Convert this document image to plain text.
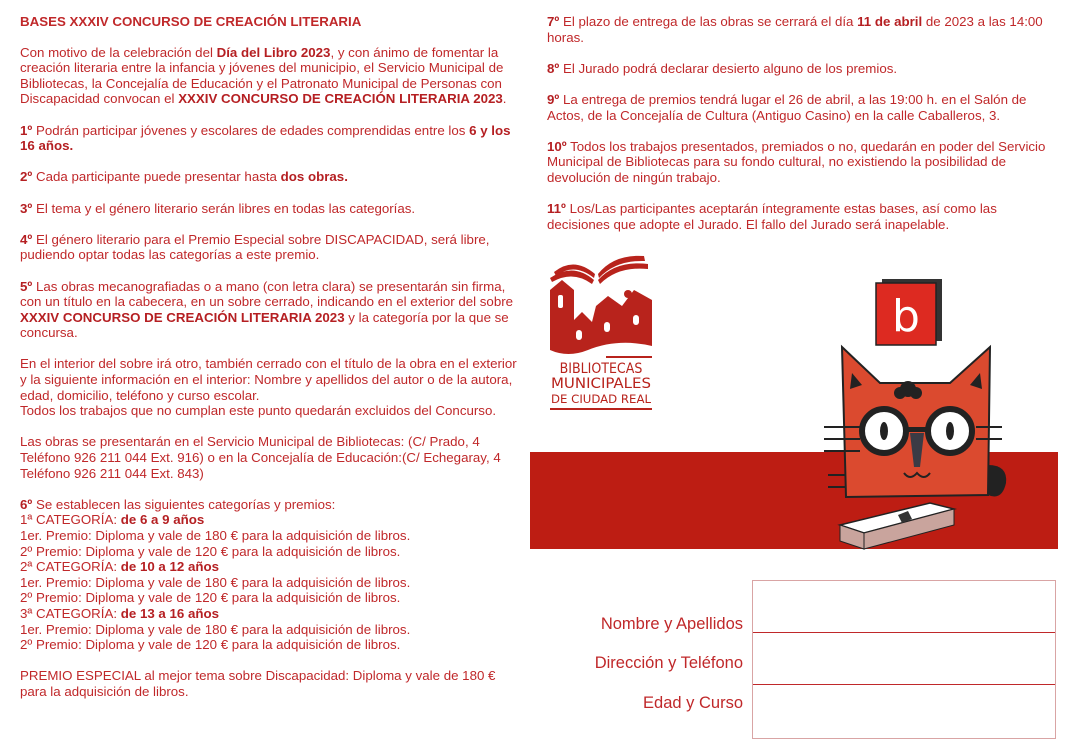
BASES XXXIV CONCURSO DE CREACIÓN LITERARIA

Con motivo de la celebración del Día del Libro 2023, y con ánimo de fomentar la creación literaria entre la infancia y jóvenes del municipio, el Servicio Municipal de Bibliotecas, la Concejalía de Educación y el Patronato Municipal de Personas con Discapacidad convocan el XXXIV CONCURSO DE CREACIÓN LITERARIA 2023.

1º Podrán participar jóvenes y escolares de edades comprendidas entre los 6 y los 16 años.

2º Cada participante puede presentar hasta dos obras.

3º El tema y el género literario serán libres en todas las categorías.

4º El género literario para el Premio Especial sobre DISCAPACIDAD, será libre, pudiendo optar todas las categorías a este premio.

5º Las obras mecanografiadas o a mano (con letra clara) se presentarán sin firma, con un título en la cabecera, en un sobre cerrado, indicando en el exterior del sobre XXXIV CONCURSO DE CREACIÓN LITERARIA 2023 y la categoría por la que se concursa.

En el interior del sobre irá otro, también cerrado con el título de la obra en el exterior y la siguiente información en el interior: Nombre y apellidos del autor o de la autora, edad, domicilio, teléfono y curso escolar.
Todos los trabajos que no cumplan este punto quedarán excluidos del Concurso.

Las obras se presentarán en el Servicio Municipal de Bibliotecas: (C/ Prado, 4 Teléfono 926 211 044 Ext. 916) o en la Concejalía de Educación:(C/ Echegaray, 4 Teléfono 926 211 044 Ext. 843)

6º Se establecen las siguientes categorías y premios:
1ª CATEGORÍA: de 6 a 9 años
1er. Premio: Diploma y vale de 180 € para la adquisición de libros.
2º Premio: Diploma y vale de 120 € para la adquisición de libros.
2ª CATEGORÍA: de 10 a 12 años
1er. Premio: Diploma y vale de 180 € para la adquisición de libros.
2º Premio: Diploma y vale de 120 € para la adquisición de libros.
3ª CATEGORÍA: de 13 a 16 años
1er. Premio: Diploma y vale de 180 € para la adquisición de libros.
2º Premio: Diploma y vale de 120 € para la adquisición de libros.

PREMIO ESPECIAL al mejor tema sobre Discapacidad: Diploma y vale de 180 € para la adquisición de libros.

7º El plazo de entrega de las obras se cerrará el día 11 de abril de 2023 a las 14:00 horas.

8º El Jurado podrá declarar desierto alguno de los premios.

9º La entrega de premios tendrá lugar el 26 de abril, a las 19:00 h. en el Salón de Actos, de la Concejalía de Cultura (Antiguo Casino) en la calle Caballeros, 3.

10º Todos los trabajos presentados, premiados o no, quedarán en poder del Servicio Municipal de Bibliotecas para su fondo cultural, no existiendo la posibilidad de devolución de ningún trabajo.

11º Los/Las participantes aceptarán íntegramente estas bases, así como las decisiones que adopte el Jurado. El fallo del Jurado será inapelable.

BIBLIOTECAS
MUNICIPALES
DE CIUDAD REAL
b
Nombre y Apellidos
Dirección y Teléfono
Edad y Curso
